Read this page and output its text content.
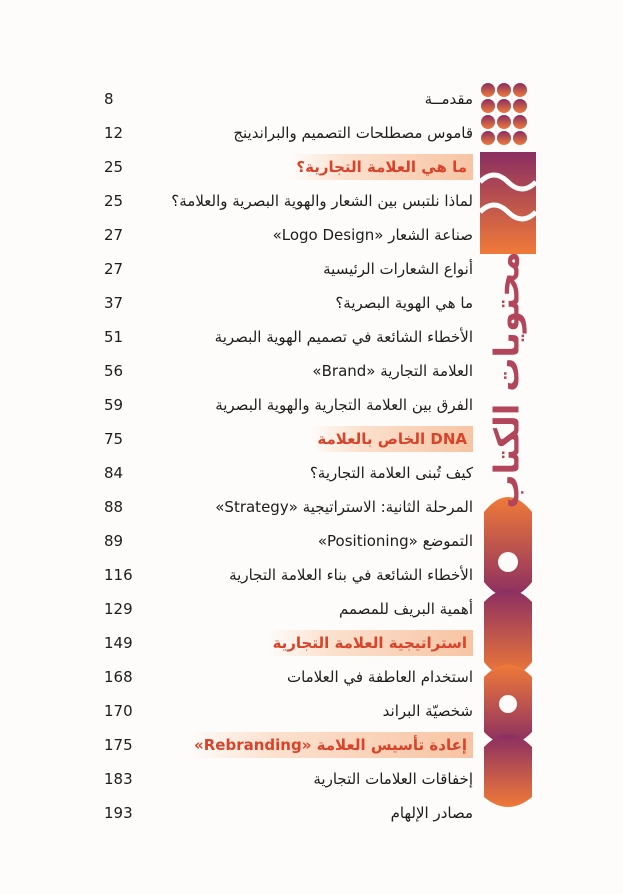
محتويات الكتاب
مقدمــة
8
قاموس مصطلحات التصميم والبراندينج
12
ما هي العلامة التجارية؟
25
لماذا نلتبس بين الشعار والهوية البصرية والعلامة؟
25
صناعة الشعار «Logo Design»
27
أنواع الشعارات الرئيسية
27
ما هي الهوية البصرية؟
37
الأخطاء الشائعة في تصميم الهوية البصرية
51
العلامة التجارية «Brand»
56
الفرق بين العلامة التجارية والهوية البصرية
59
DNA الخاص بالعلامة
75
كيف تُبنى العلامة التجارية؟
84
المرحلة الثانية: الاستراتيجية «Strategy»
88
التموضع «Positioning»
89
الأخطاء الشائعة في بناء العلامة التجارية
116
أهمية البريف للمصمم
129
استراتيجية العلامة التجارية
149
استخدام العاطفة في العلامات
168
شخصيّة البراند
170
إعادة تأسيس العلامة «Rebranding»
175
إخفاقات العلامات التجارية
183
مصادر الإلهام
193
